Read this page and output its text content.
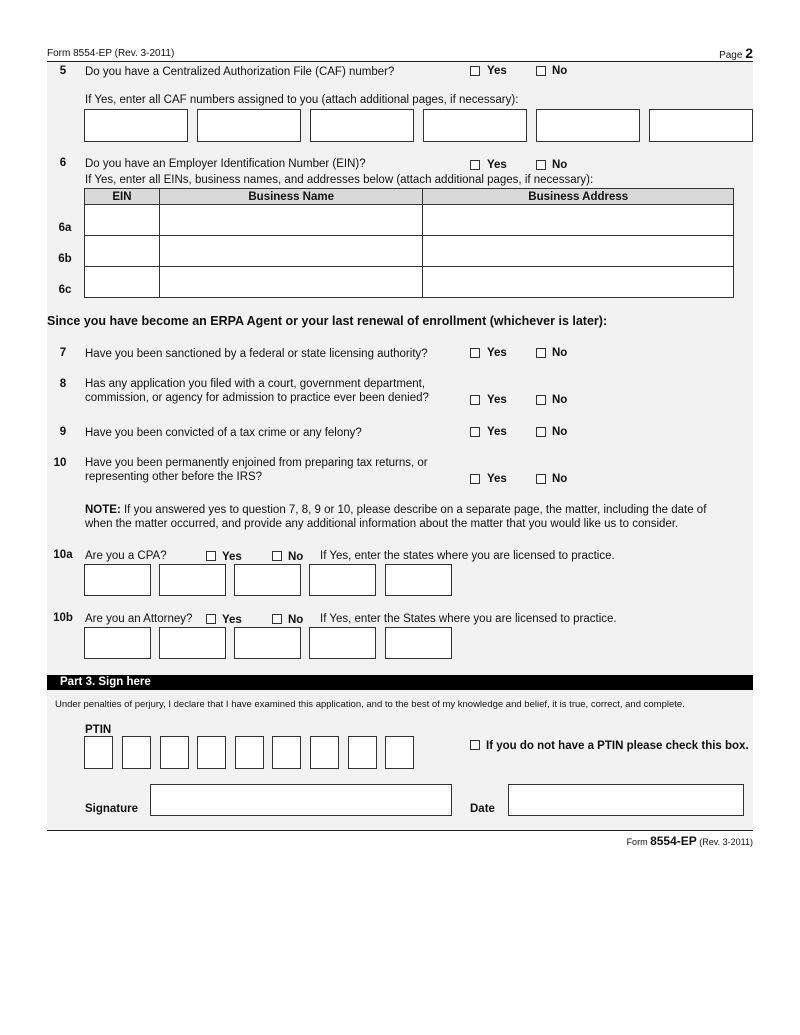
Form 8554-EP (Rev. 3-2011)	Page 2
5	Do you have a Centralized Authorization File (CAF) number?	Yes	No
If Yes, enter all CAF numbers assigned to you (attach additional pages, if necessary):
6	Do you have an Employer Identification Number (EIN)?	Yes	No
If Yes, enter all EINs, business names, and addresses below (attach additional pages, if necessary):
EIN	Business Name	Business Address

6a
6b
6c
Since you have become an ERPA Agent or your last renewal of enrollment (whichever is later):
7	Have you been sanctioned by a federal or state licensing authority?	Yes	No
8	Has any application you filed with a court, government department,
commission, or agency for admission to practice ever been denied?	Yes	No
9	Have you been convicted of a tax crime or any felony?	Yes	No
10	Have you been permanently enjoined from preparing tax returns, or
representing other before the IRS?	Yes	No
NOTE: If you answered yes to question 7, 8, 9 or 10, please describe on a separate page, the matter, including the date of
when the matter occurred, and provide any additional information about the matter that you would like us to consider.
10a	Are you a CPA?	Yes	No If Yes, enter the states where you are licensed to practice.
10b	Are you an Attorney?	Yes	No If Yes, enter the States where you are licensed to practice.
Part 3. Sign here
Under penalties of perjury, I declare that I have examined this application, and to the best of my knowledge and belief, it is true, correct, and complete.
PTIN
If you do not have a PTIN please check this box.
Signature	Date
Form 8554-EP (Rev. 3-2011)
